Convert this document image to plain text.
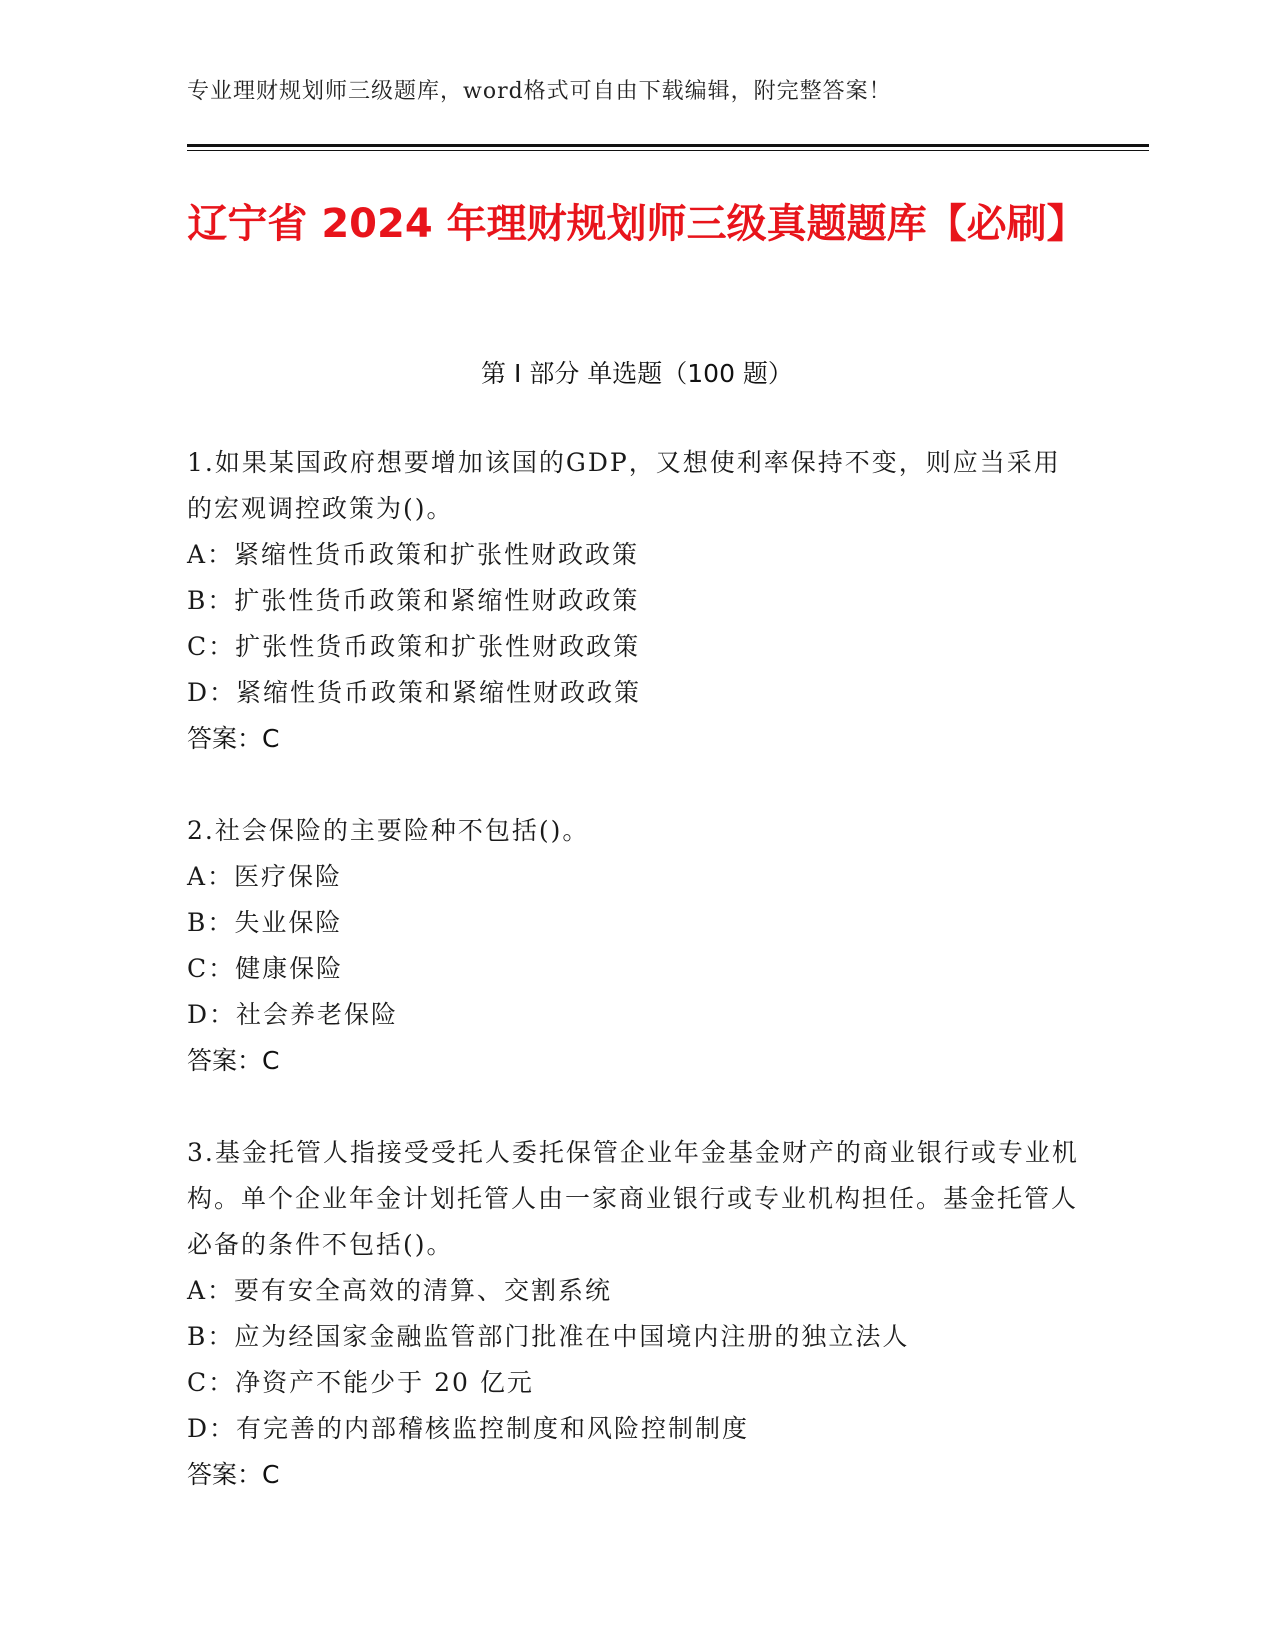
专业理财规划师三级题库，word格式可自由下载编辑，附完整答案！
辽宁省 2024 年理财规划师三级真题题库【必刷】
第 I 部分 单选题（100 题）
1.如果某国政府想要增加该国的GDP，又想使利率保持不变，则应当采用的宏观调控政策为()。
A：紧缩性货币政策和扩张性财政政策
B：扩张性货币政策和紧缩性财政政策
C：扩张性货币政策和扩张性财政政策
D：紧缩性货币政策和紧缩性财政政策
答案：C
2.社会保险的主要险种不包括()。
A：医疗保险
B：失业保险
C：健康保险
D：社会养老保险
答案：C
3.基金托管人指接受受托人委托保管企业年金基金财产的商业银行或专业机构。单个企业年金计划托管人由一家商业银行或专业机构担任。基金托管人必备的条件不包括()。
A：要有安全高效的清算、交割系统
B：应为经国家金融监管部门批准在中国境内注册的独立法人
C：净资产不能少于 20 亿元
D：有完善的内部稽核监控制度和风险控制制度
答案：C
